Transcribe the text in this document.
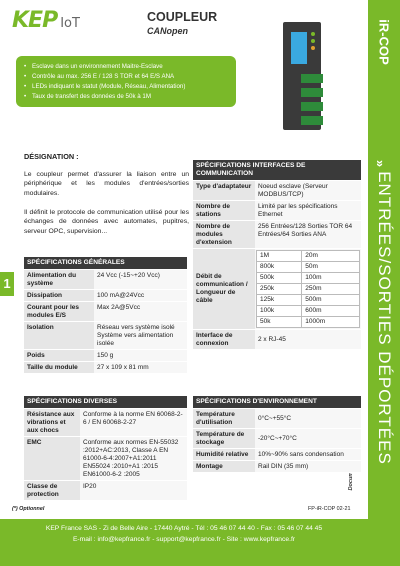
KEP IoT	COUPLEUR
CANopen
• Esclave dans un environnement Maitre-Esclave
• Contrôle au max. 256 E / 128 S TOR et 64 E/S ANA
• LEDs indiquant le statut (Module, Réseau, Alimentation)
• Taux de transfert des données de 50k à 1M
iR-COP
»
ENTRÉES/SORTIES DÉPORTÉES
1
DÉSIGNATION :

Le coupleur permet d'assurer la liaison entre un périphérique et les modules d'entrées/sorties modulaires.

Il définit le protocole de communication utilisé pour les échanges de données avec automates, pupitres, serveur OPC, supervision...

SPÉCIFICATIONS GÉNÉRALES	
Alimentation du système	24 Vcc (-15~+20 Vcc)
Dissipation	100 mA@24Vcc
Courant pour les modules E/S	Max 2A@5Vcc
Isolation	Réseau vers système isolé Système vers alimentation isolée
Poids	150 g
Taille du module	27 x 109 x 81 mm
SPÉCIFICATIONS INTERFACES DE COMMUNICATION
Type d'adaptateur	Noeud esclave (Serveur MODBUS/TCP)
Nombre de stations	Limité par les spécifications Ethernet
Nombre de modules d'extension	256 Entrées/128 Sorties TOR 64 Entrées/64 Sorties ANA
Débit de communication / Longueur de câble	
1M	20m
800k	50m
500k	100m
250k	250m
125k	500m
100k	600m
50k	1000m

Interface de connexion	2 x RJ-45
SPÉCIFICATIONS DIVERSES	
Résistance aux vibrations et aux chocs	Conforme à la norme EN 60068-2-6 / EN 60068-2-27
EMC	Conforme aux normes EN-55032 :2012+AC:2013, Classe A EN 61000-6-4:2007+A1:2011 EN55024 :2010+A1 :2015 EN61000-6-2 :2005
Classe de protection	IP20
SPÉCIFICATIONS D'ENVIRONNEMENT	
Température d'utilisation	0°C~+55°C
Température de stockage	-20°C~+70°C
Humidité relative	10%~90% sans condensation
Montage	Rail DIN (35 mm)
(*) Optionnel	FP-iR-COP 02-21
KEP France SAS - Zi de Belle Aire - 17440 Aytré - Tél : 05 46 07 44 40 - Fax : 05 46 07 44 45
E-mail : info@kepfrance.fr - support@kepfrance.fr - Site : www.kepfrance.fr
